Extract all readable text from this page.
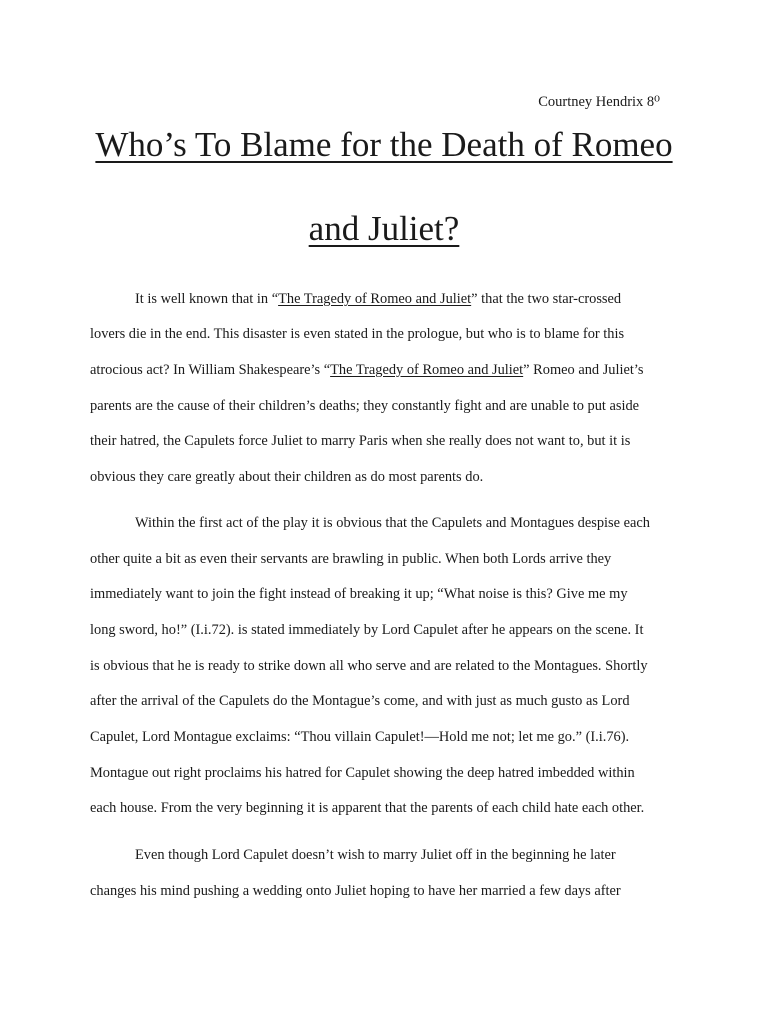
Courtney Hendrix 8⁰
Who’s To Blame for the Death of Romeo
and Juliet?
It is well known that in “The Tragedy of Romeo and Juliet” that the two star-crossed
lovers die in the end. This disaster is even stated in the prologue, but who is to blame for this
atrocious act? In William Shakespeare’s “The Tragedy of Romeo and Juliet” Romeo and Juliet’s
parents are the cause of their children’s deaths; they constantly fight and are unable to put aside
their hatred, the Capulets force Juliet to marry Paris when she really does not want to, but it is
obvious they care greatly about their children as do most parents do.
Within the first act of the play it is obvious that the Capulets and Montagues despise each
other quite a bit as even their servants are brawling in public. When both Lords arrive they
immediately want to join the fight instead of breaking it up; “What noise is this? Give me my
long sword, ho!” (I.i.72). is stated immediately by Lord Capulet after he appears on the scene. It
is obvious that he is ready to strike down all who serve and are related to the Montagues. Shortly
after the arrival of the Capulets do the Montague’s come, and with just as much gusto as Lord
Capulet, Lord Montague exclaims: “Thou villain Capulet!—Hold me not; let me go.” (I.i.76).
Montague out right proclaims his hatred for Capulet showing the deep hatred imbedded within
each house. From the very beginning it is apparent that the parents of each child hate each other.
Even though Lord Capulet doesn’t wish to marry Juliet off in the beginning he later
changes his mind pushing a wedding onto Juliet hoping to have her married a few days after
